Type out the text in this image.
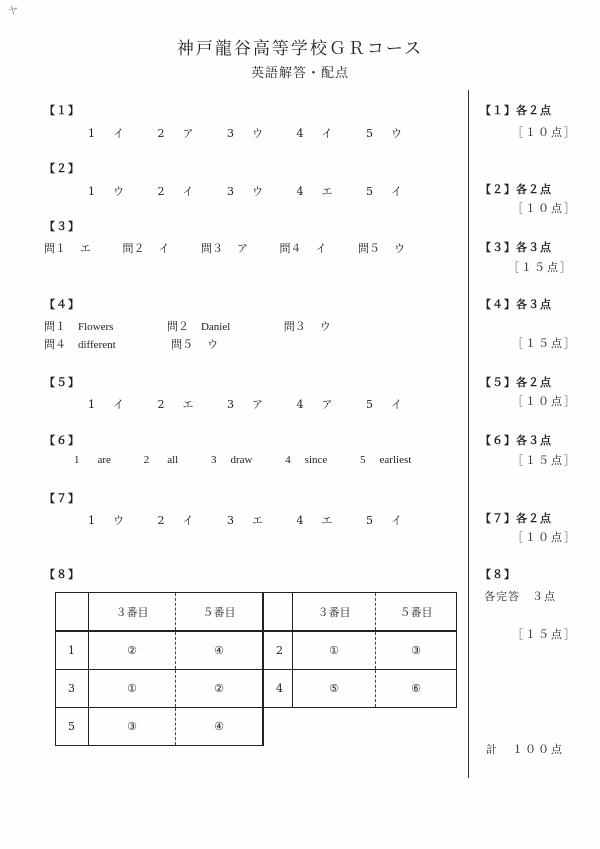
ヤ
神戸龍谷高等学校ＧＲコース
英語解答・配点
【１】
1 イ	2 ア	3 ウ	4 イ	5 ウ
【２】
1 ウ	2 イ	3 ウ	4 エ	5 イ
【３】
問１ エ	問２ イ	問３ ア	問４ イ	問５ ウ
【４】
問１ Flowers	問２ Daniel	問３ ウ
問４ different	問５ ウ
【５】
1 イ	2 エ	3 ア	4 ア	5 イ
【６】
1 are	2 all	3 draw	4 since	5 earliest
【７】
1 ウ	2 イ	3 エ	4 エ	5 イ
【８】
	３番目	５番目		３番目	５番目
1	②	④	2	①	③
3	①	②	4	⑤	⑥
5	③	④			
【１】各２点
［１０点］
【２】各２点
［１０点］
【３】各３点
［１５点］
【４】各３点
［１５点］
【５】各２点
［１０点］
【６】各３点
［１５点］
【７】各２点
［１０点］
【８】
各完答　３点
［１５点］
計　１００点
